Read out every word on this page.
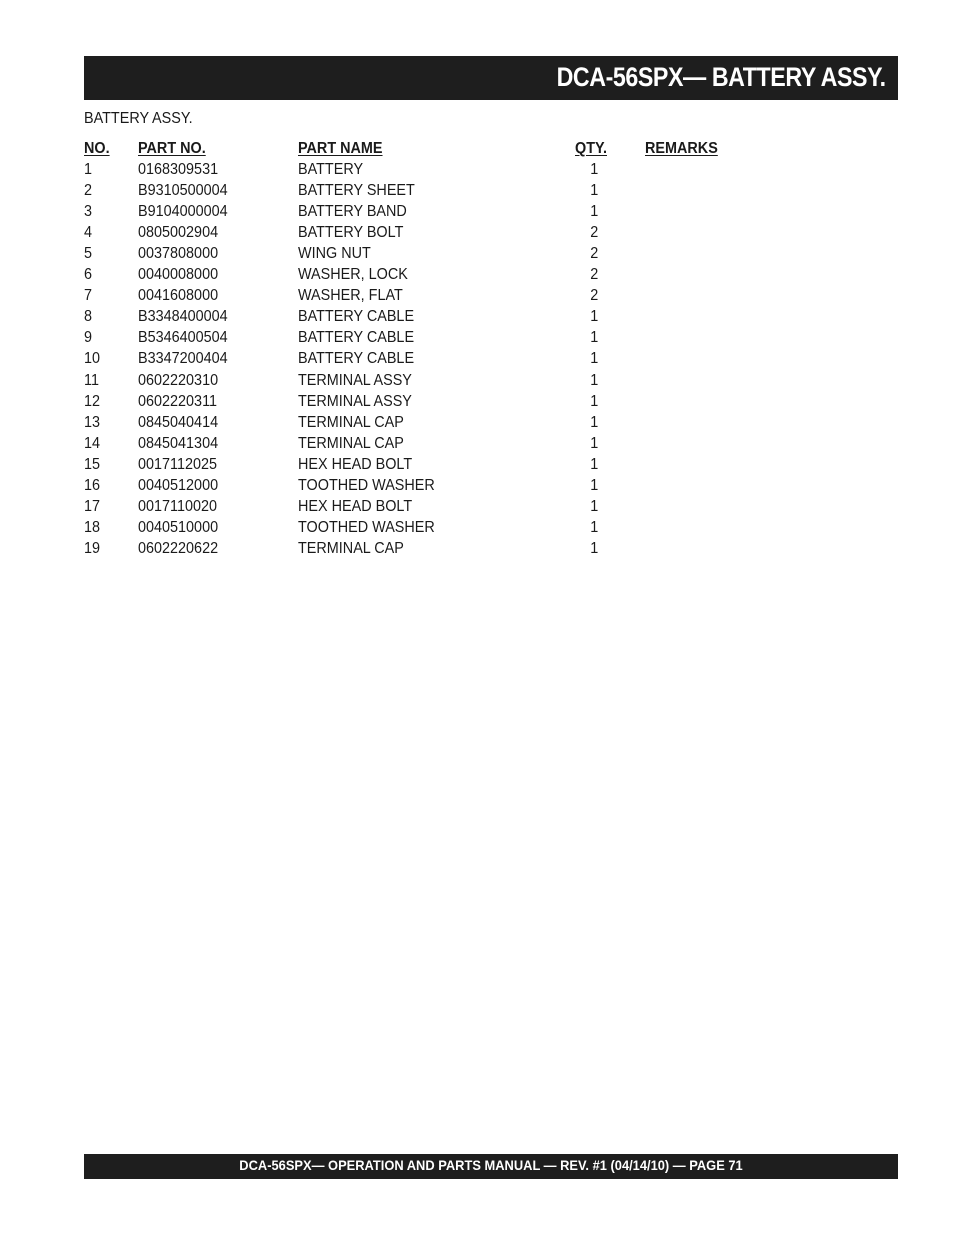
DCA-56SPX— BATTERY ASSY.
BATTERY ASSY.
NO. PART NO.	PART NAME	QTY. REMARKS
1	0168309531	BATTERY	1
2	B9310500004	BATTERY SHEET	1
3	B9104000004	BATTERY BAND	1
4	0805002904	BATTERY BOLT	2
5	0037808000	WING NUT	2
6	0040008000	WASHER, LOCK	2
7	0041608000	WASHER, FLAT	2
8	B3348400004	BATTERY CABLE	1
9	B5346400504	BATTERY CABLE	1
10 B3347200404	BATTERY CABLE	1
11 0602220310	TERMINAL ASSY	1
12 0602220311	TERMINAL ASSY	1
13 0845040414	TERMINAL CAP	1
14 0845041304	TERMINAL CAP	1
15 0017112025	HEX HEAD BOLT	1
16 0040512000	TOOTHED WASHER	1
17 0017110020	HEX HEAD BOLT	1
18 0040510000	TOOTHED WASHER	1
19 0602220622	TERMINAL CAP	1
DCA-56SPX— OPERATION AND PARTS MANUAL — REV. #1 (04/14/10) — PAGE 71
